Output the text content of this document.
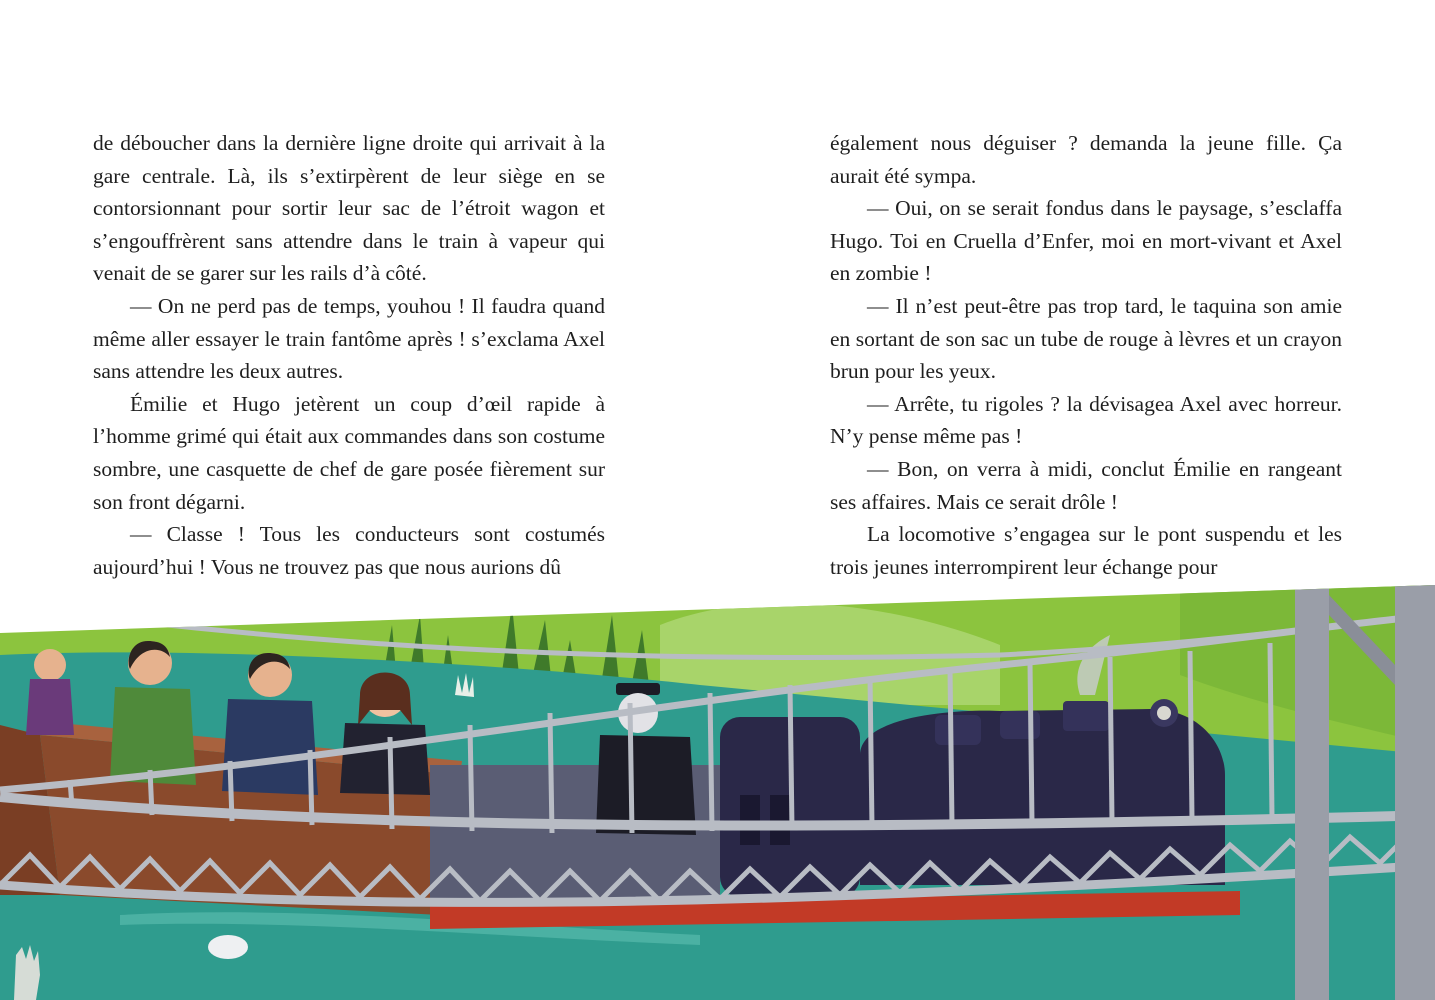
de déboucher dans la dernière ligne droite qui arrivait à la gare centrale. Là, ils s’extirpèrent de leur siège en se contorsionnant pour sortir leur sac de l’étroit wagon et s’engouffrèrent sans attendre dans le train à vapeur qui venait de se garer sur les rails d’à côté.

— On ne perd pas de temps, youhou ! Il faudra quand même aller essayer le train fantôme après ! s’exclama Axel sans attendre les deux autres.

Émilie et Hugo jetèrent un coup d’œil rapide à l’homme grimé qui était aux commandes dans son costume sombre, une casquette de chef de gare posée fièrement sur son front dégarni.

— Classe ! Tous les conducteurs sont costumés aujourd’hui ! Vous ne trouvez pas que nous aurions dû

également nous déguiser ? demanda la jeune fille. Ça aurait été sympa.

— Oui, on se serait fondus dans le paysage, s’esclaffa Hugo. Toi en Cruella d’Enfer, moi en mort-vivant et Axel en zombie !

— Il n’est peut-être pas trop tard, le taquina son amie en sortant de son sac un tube de rouge à lèvres et un crayon brun pour les yeux.

— Arrête, tu rigoles ? la dévisagea Axel avec horreur. N’y pense même pas !

— Bon, on verra à midi, conclut Émilie en rangeant ses affaires. Mais ce serait drôle !

La locomotive s’engagea sur le pont suspendu et les trois jeunes interrompirent leur échange pour
